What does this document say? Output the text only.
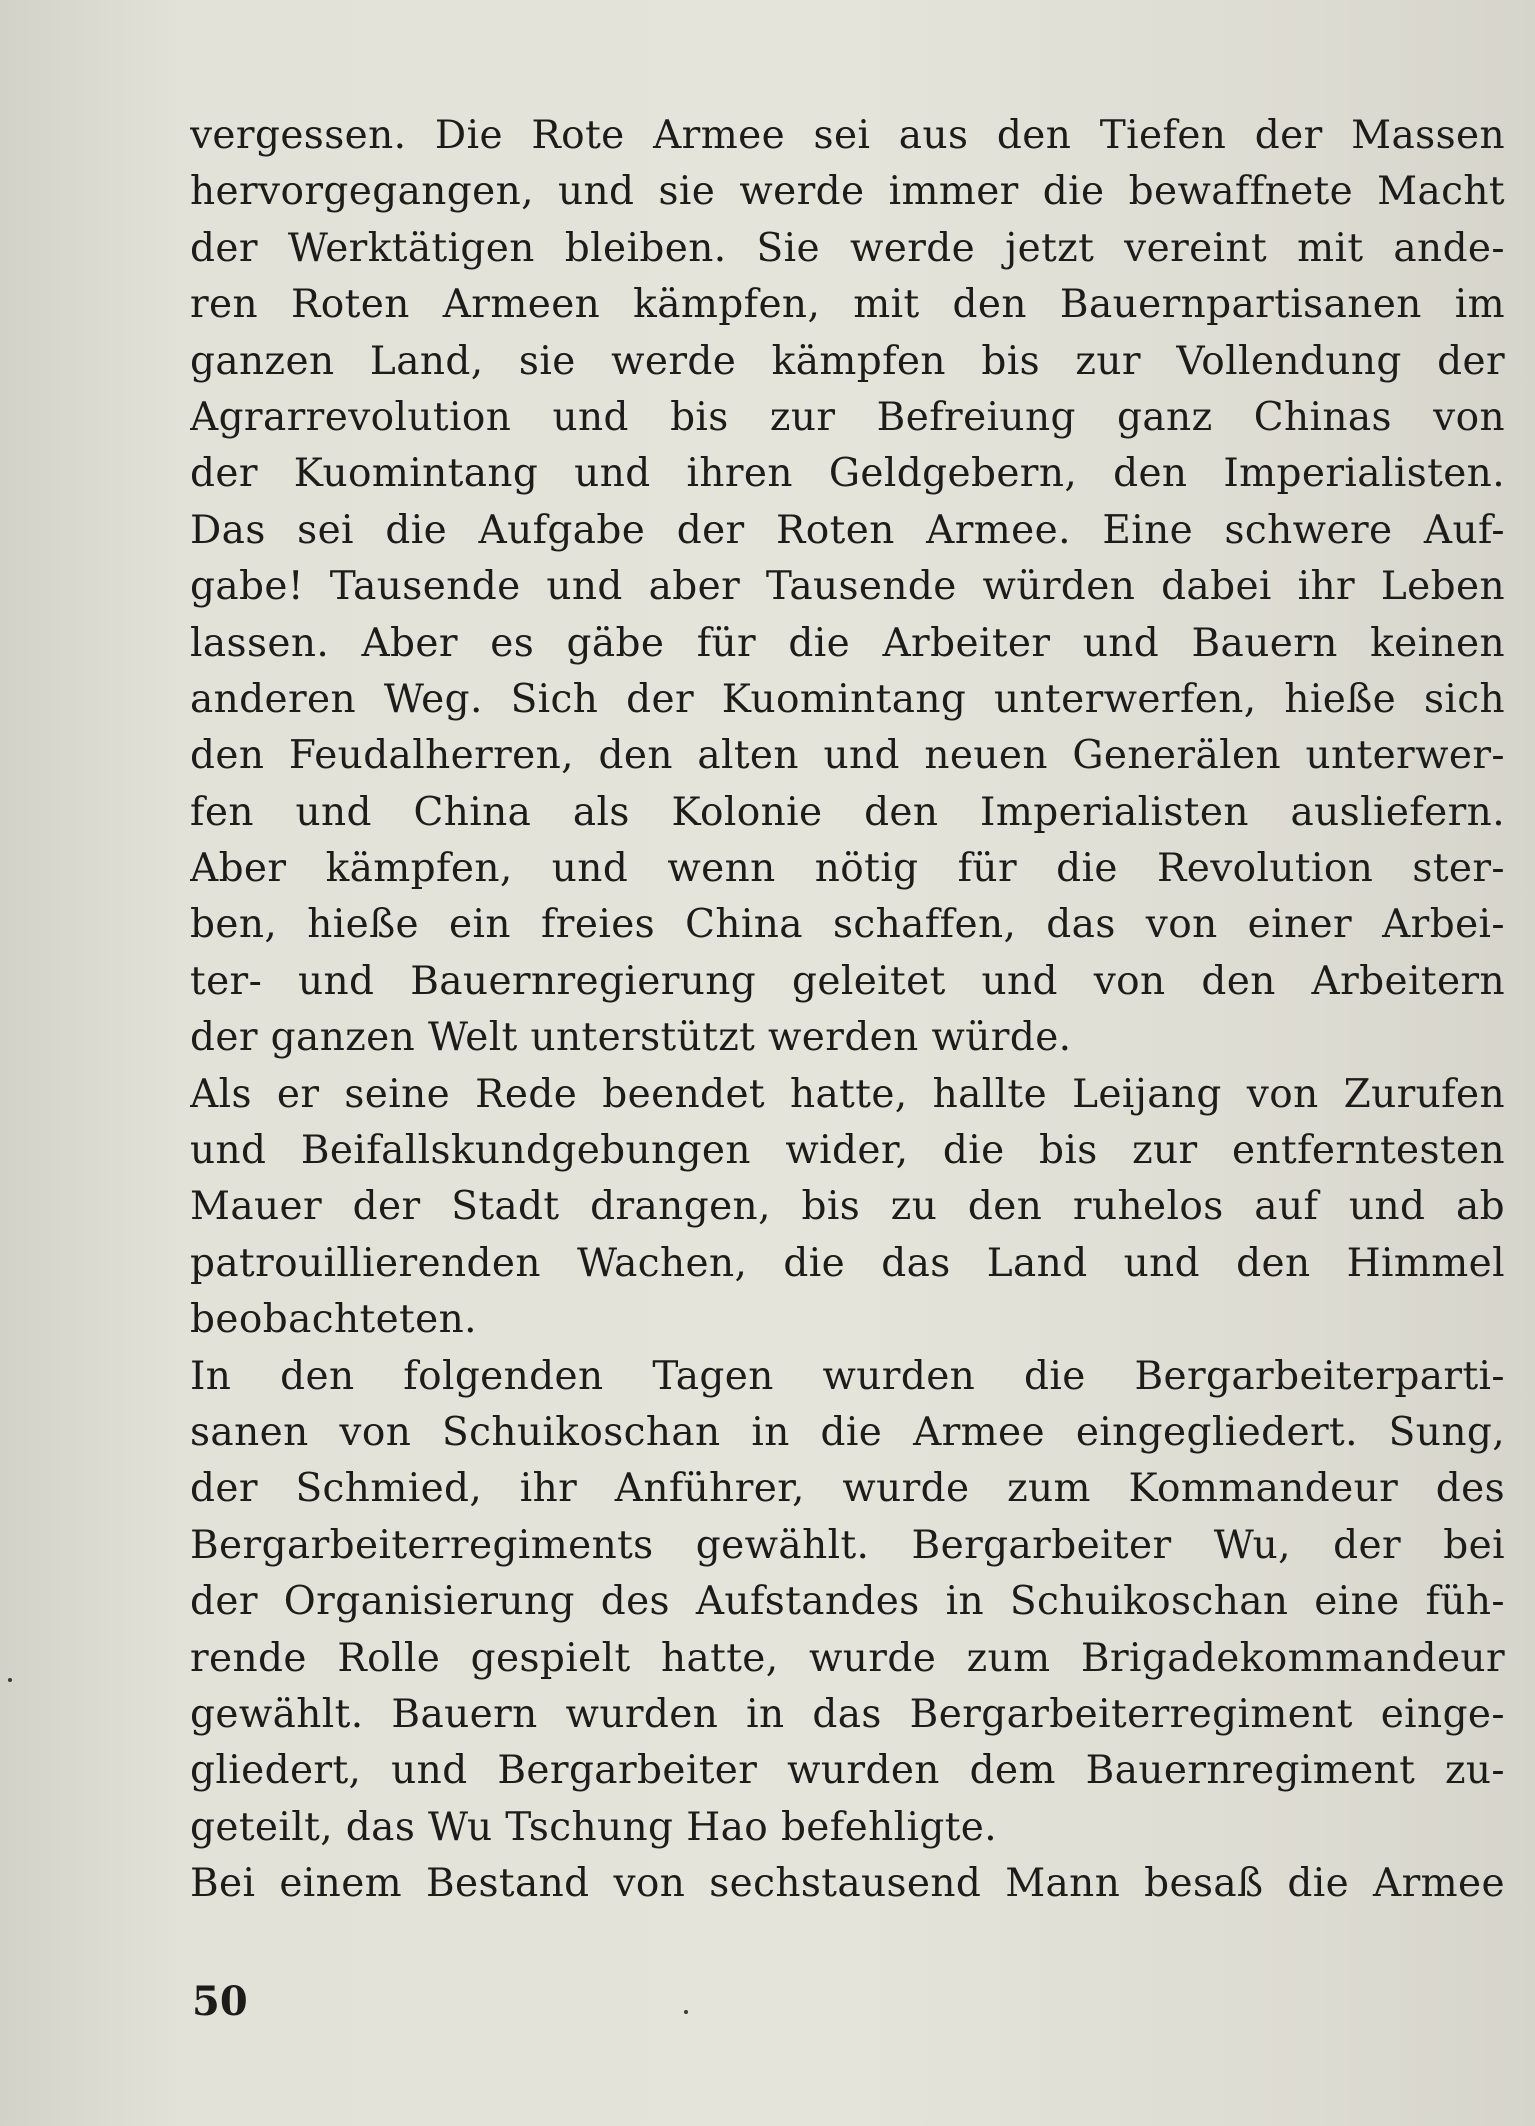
vergessen. Die Rote Armee sei aus den Tiefen der Massen
hervorgegangen, und sie werde immer die bewaffnete Macht
der Werktätigen bleiben. Sie werde jetzt vereint mit ande-
ren Roten Armeen kämpfen, mit den Bauernpartisanen im
ganzen Land, sie werde kämpfen bis zur Vollendung der
Agrarrevolution und bis zur Befreiung ganz Chinas von
der Kuomintang und ihren Geldgebern, den Imperialisten.
Das sei die Aufgabe der Roten Armee. Eine schwere Auf-
gabe! Tausende und aber Tausende würden dabei ihr Leben
lassen. Aber es gäbe für die Arbeiter und Bauern keinen
anderen Weg. Sich der Kuomintang unterwerfen, hieße sich
den Feudalherren, den alten und neuen Generälen unterwer-
fen und China als Kolonie den Imperialisten ausliefern.
Aber kämpfen, und wenn nötig für die Revolution ster-
ben, hieße ein freies China schaffen, das von einer Arbei-
ter- und Bauernregierung geleitet und von den Arbeitern
der ganzen Welt unterstützt werden würde.
Als er seine Rede beendet hatte, hallte Leijang von Zurufen
und Beifallskundgebungen wider, die bis zur entferntesten
Mauer der Stadt drangen, bis zu den ruhelos auf und ab
patrouillierenden Wachen, die das Land und den Himmel
beobachteten.
In den folgenden Tagen wurden die Bergarbeiterparti-
sanen von Schuikoschan in die Armee eingegliedert. Sung,
der Schmied, ihr Anführer, wurde zum Kommandeur des
Bergarbeiterregiments gewählt. Bergarbeiter Wu, der bei
der Organisierung des Aufstandes in Schuikoschan eine füh-
rende Rolle gespielt hatte, wurde zum Brigadekommandeur
gewählt. Bauern wurden in das Bergarbeiterregiment einge-
gliedert, und Bergarbeiter wurden dem Bauernregiment zu-
geteilt, das Wu Tschung Hao befehligte.
Bei einem Bestand von sechstausend Mann besaß die Armee
50
